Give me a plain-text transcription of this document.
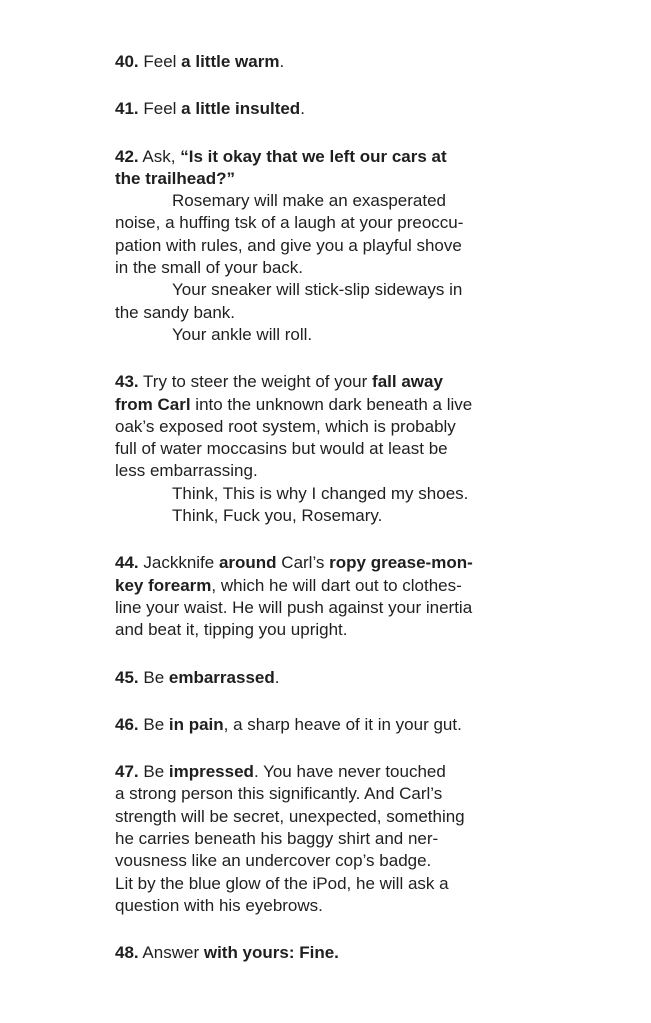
40. Feel a little warm.
41. Feel a little insulted.
42. Ask, “Is it okay that we left our cars at
the trailhead?”
Rosemary will make an exasperated
noise, a huffing tsk of a laugh at your preoccu-
pation with rules, and give you a playful shove
in the small of your back.
Your sneaker will stick-slip sideways in
the sandy bank.
Your ankle will roll.
43. Try to steer the weight of your fall away
from Carl into the unknown dark beneath a live
oak’s exposed root system, which is probably
full of water moccasins but would at least be
less embarrassing.
Think, This is why I changed my shoes.
Think, Fuck you, Rosemary.
44. Jackknife around Carl’s ropy grease-mon-
key forearm, which he will dart out to clothes-
line your waist. He will push against your inertia
and beat it, tipping you upright.
45. Be embarrassed.
46. Be in pain, a sharp heave of it in your gut.
47. Be impressed. You have never touched
a strong person this significantly. And Carl’s
strength will be secret, unexpected, something
he carries beneath his baggy shirt and ner-
vousness like an undercover cop’s badge.
Lit by the blue glow of the iPod, he will ask a
question with his eyebrows.
48. Answer with yours: Fine.
